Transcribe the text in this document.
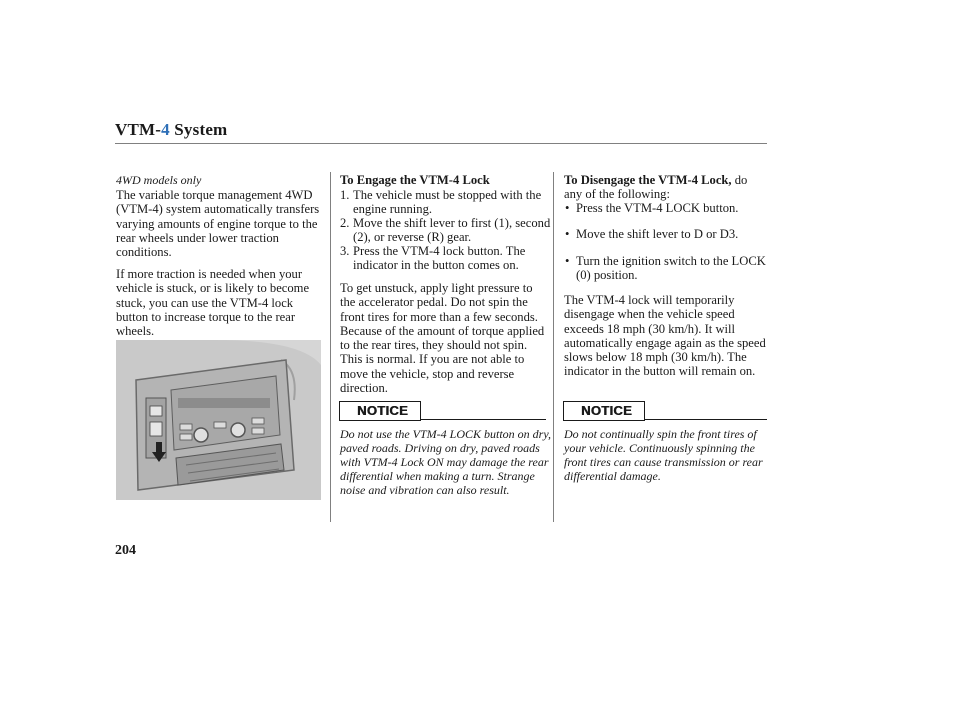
VTM-4 System
4WD models only
The variable torque management 4WD (VTM-4) system automatically transfers varying amounts of engine torque to the rear wheels under lower traction conditions.
If more traction is needed when your vehicle is stuck, or is likely to become stuck, you can use the VTM-4 lock button to increase torque to the rear wheels.
To Engage the VTM-4 Lock
1. The vehicle must be stopped with the engine running.
2. Move the shift lever to first (1), second (2), or reverse (R) gear.
3. Press the VTM-4 lock button. The indicator in the button comes on.
To get unstuck, apply light pressure to the accelerator pedal. Do not spin the front tires for more than a few seconds. Because of the amount of torque applied to the rear tires, they should not spin. This is normal. If you are not able to move the vehicle, stop and reverse direction.
NOTICE
Do not use the VTM-4 LOCK button on dry, paved roads. Driving on dry, paved roads with VTM-4 Lock ON may damage the rear differential when making a turn. Strange noise and vibration can also result.
To Disengage the VTM-4 Lock, do
any of the following:
• Press the VTM-4 LOCK button.
• Move the shift lever to D or D3.
• Turn the ignition switch to the LOCK (0) position.
The VTM-4 lock will temporarily disengage when the vehicle speed exceeds 18 mph (30 km/h). It will automatically engage again as the speed slows below 18 mph (30 km/h). The indicator in the button will remain on.
NOTICE
Do not continually spin the front tires of your vehicle. Continuously spinning the front tires can cause transmission or rear differential damage.
204
